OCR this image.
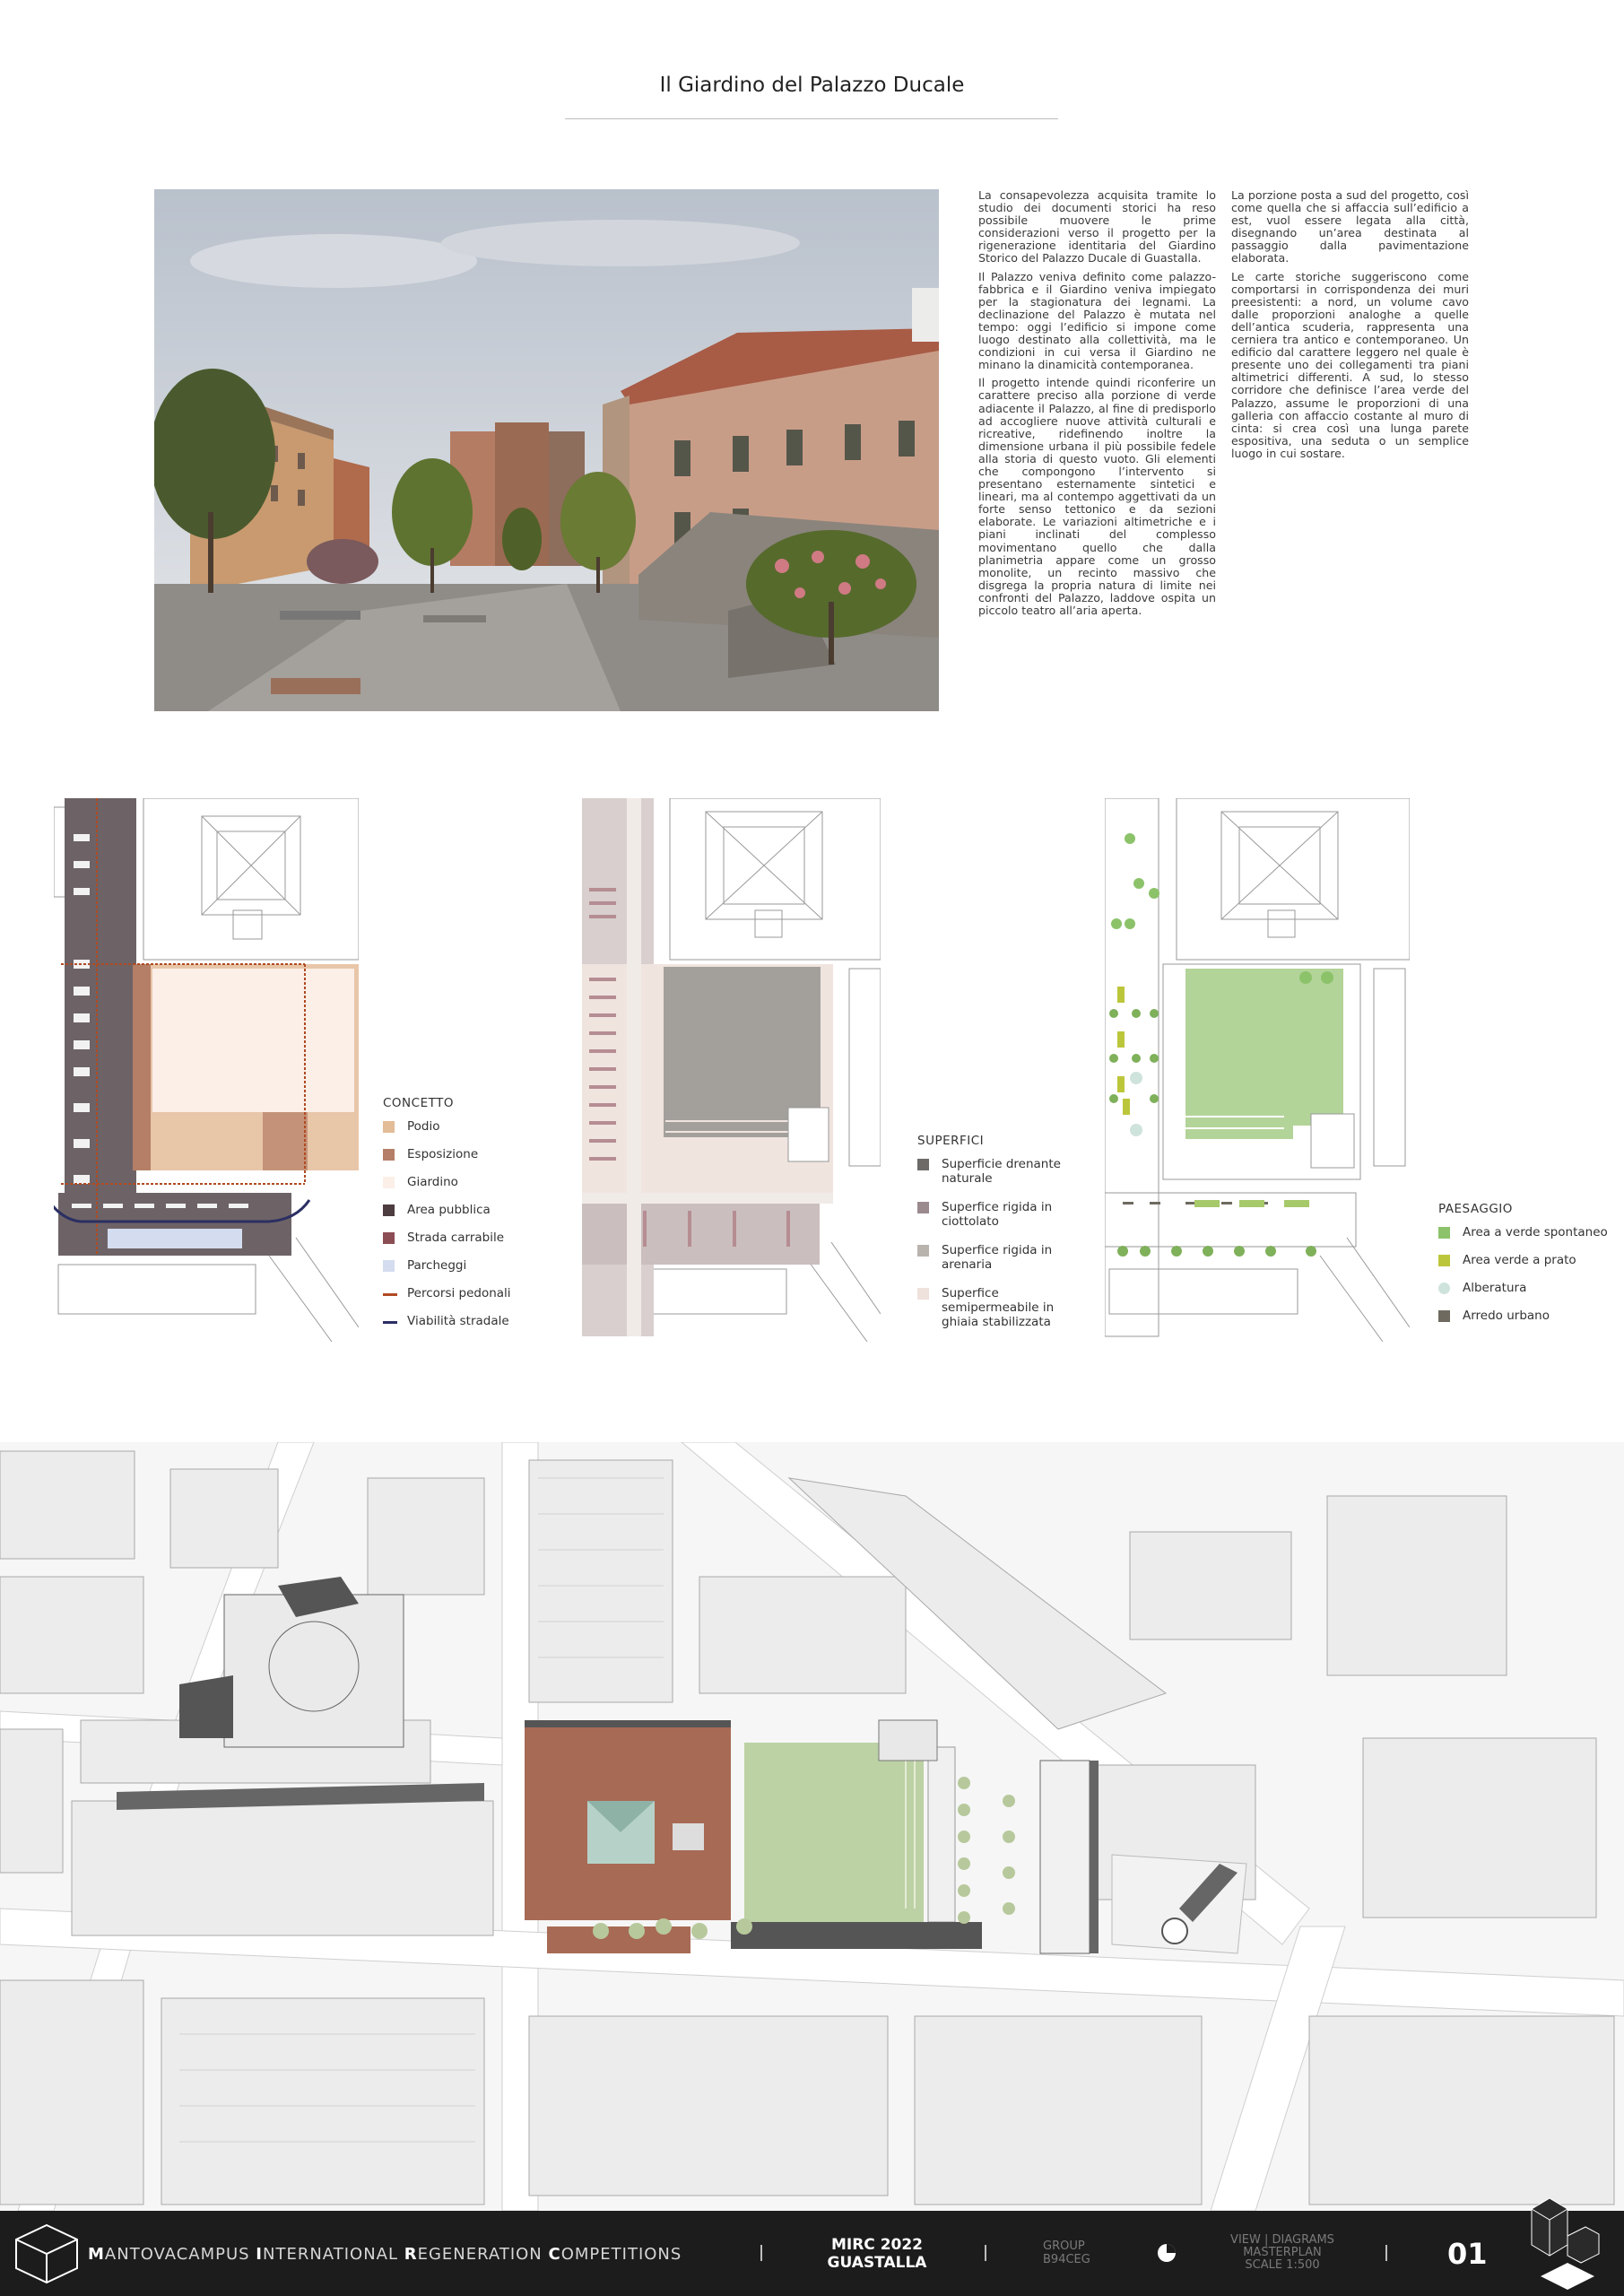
Il Giardino del Palazzo Ducale

La consapevolezza acquisita tramite lo studio dei documenti storici ha reso possibile muovere le prime considerazioni verso il progetto per la rigenerazione identitaria del Giardino Storico del Palazzo Ducale di Guastalla.

Il Palazzo veniva definito come palazzo-fabbrica e il Giardino veniva impiegato per la stagionatura dei legnami. La declinazione del Palazzo è mutata nel tempo: oggi l’edificio si impone come luogo destinato alla collettività, ma le condizioni in cui versa il Giardino ne minano la dinamicità contemporanea.

Il progetto intende quindi riconferire un carattere preciso alla porzione di verde adiacente il Palazzo, al fine di predisporlo ad accogliere nuove attività culturali e ricreative, ridefinendo inoltre la dimensione urbana il più possibile fedele alla storia di questo vuoto. Gli elementi che compongono l’intervento si presentano esternamente sintetici e lineari, ma al contempo aggettivati da un forte senso tettonico e da sezioni elaborate. Le variazioni altimetriche e i piani inclinati del complesso movimentano quello che dalla planimetria appare come un grosso monolite, un recinto massivo che disgrega la propria natura di limite nei confronti del Palazzo, laddove ospita un piccolo teatro all’aria aperta.

La porzione posta a sud del progetto, così come quella che si affaccia sull’edificio a est, vuol essere legata alla città, disegnando un’area destinata al passaggio dalla pavimentazione elaborata.

Le carte storiche suggeriscono come comportarsi in corrispondenza dei muri preesistenti: a nord, un volume cavo dalle proporzioni analoghe a quelle dell’antica scuderia, rappresenta una cerniera tra antico e contemporaneo. Un edificio dal carattere leggero nel quale è presente uno dei collegamenti tra piani altimetrici differenti. A sud, lo stesso corridore che definisce l’area verde del Palazzo, assume le proporzioni di una galleria con affaccio costante al muro di cinta: si crea così una lunga parete espositiva, una seduta o un semplice luogo in cui sostare.

CONCETTO
Podio
Esposizione
Giardino
Area pubblica
Strada carrabile
Parcheggi
Percorsi pedonali
Viabilità stradale
SUPERFICI
Superficie drenante naturale
Superfice rigida in ciottolato
Superfice rigida in arenaria
Superfice semipermeabile in ghiaia stabilizzata
PAESAGGIO
Area a verde spontaneo
Area verde a prato
Alberatura
Arredo urbano
MANTOVACAMPUS INTERNATIONAL REGENERATION COMPETITIONS	MIRC 2022
GUASTALLA
GROUP
B94CEG
VIEW | DIAGRAMS
MASTERPLAN
SCALE 1:500	01
